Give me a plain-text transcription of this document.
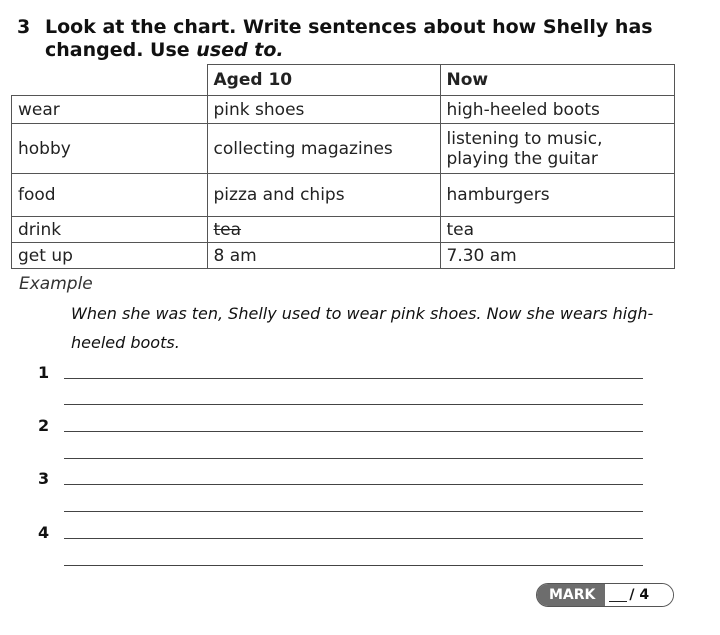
3 Look at the chart. Write sentences about how Shelly has
changed. Use used to.
	Aged 10	Now
wear	pink shoes	high-heeled boots
hobby	collecting magazines	listening to music,
playing the guitar
food	pizza and chips	hamburgers
drink	tea	tea
get up	8 am	7.30 am
Example
When she was ten, Shelly used to wear pink shoes. Now she wears high-
heeled boots.
1
2
3
4
MARK	/ 4
